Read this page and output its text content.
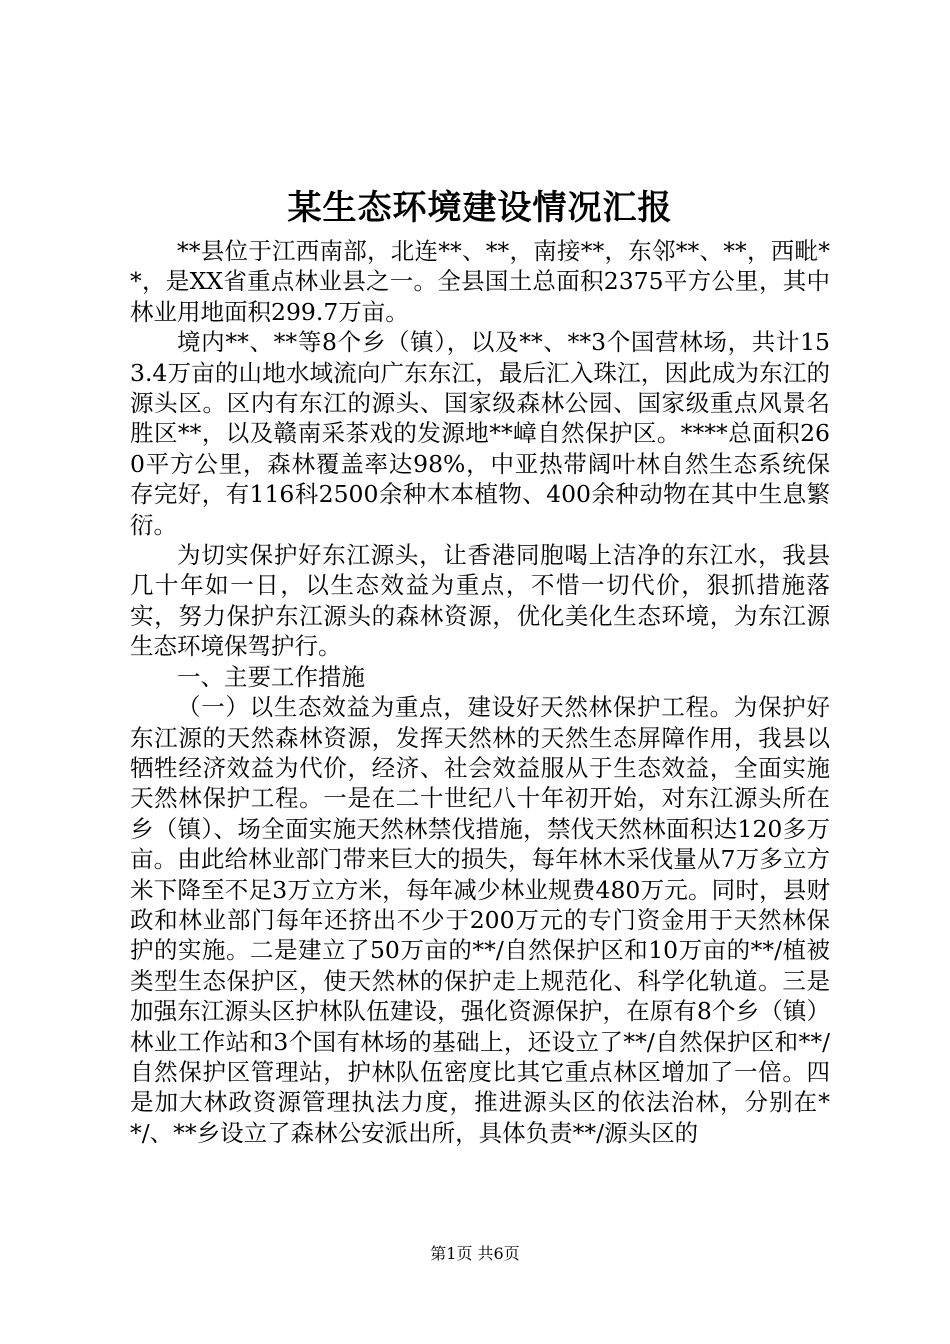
某生态环境建设情况汇报

**县位于江西南部，北连**、**，南接**，东邻**、**，西毗**，是XX省重点林业县之一。全县国土总面积2375平方公里，其中林业用地面积299.7万亩。

境内**、**等8个乡（镇），以及**、**3个国营林场，共计153.4万亩的山地水域流向广东东江，最后汇入珠江，因此成为东江的源头区。区内有东江的源头、国家级森林公园、国家级重点风景名胜区**，以及赣南采茶戏的发源地**嶂自然保护区。****总面积260平方公里，森林覆盖率达98%，中亚热带阔叶林自然生态系统保存完好，有116科2500余种木本植物、400余种动物在其中生息繁衍。

为切实保护好东江源头，让香港同胞喝上洁净的东江水，我县几十年如一日，以生态效益为重点，不惜一切代价，狠抓措施落实，努力保护东江源头的森林资源，优化美化生态环境，为东江源生态环境保驾护行。

一、主要工作措施

（一）以生态效益为重点，建设好天然林保护工程。为保护好东江源的天然森林资源，发挥天然林的天然生态屏障作用，我县以牺牲经济效益为代价，经济、社会效益服从于生态效益，全面实施天然林保护工程。一是在二十世纪八十年初开始，对东江源头所在乡（镇）、场全面实施天然林禁伐措施，禁伐天然林面积达120多万亩。由此给林业部门带来巨大的损失，每年林木采伐量从7万多立方米下降至不足3万立方米，每年减少林业规费480万元。同时，县财政和林业部门每年还挤出不少于200万元的专门资金用于天然林保护的实施。二是建立了50万亩的**/自然保护区和10万亩的**/植被类型生态保护区，使天然林的保护走上规范化、科学化轨道。三是加强东江源头区护林队伍建设，强化资源保护，在原有8个乡（镇）林业工作站和3个国有林场的基础上，还设立了**/自然保护区和**/自然保护区管理站，护林队伍密度比其它重点林区增加了一倍。四是加大林政资源管理执法力度，推进源头区的依法治林，分别在**/、**乡设立了森林公安派出所，具体负责**/源头区的

第1页 共6页
